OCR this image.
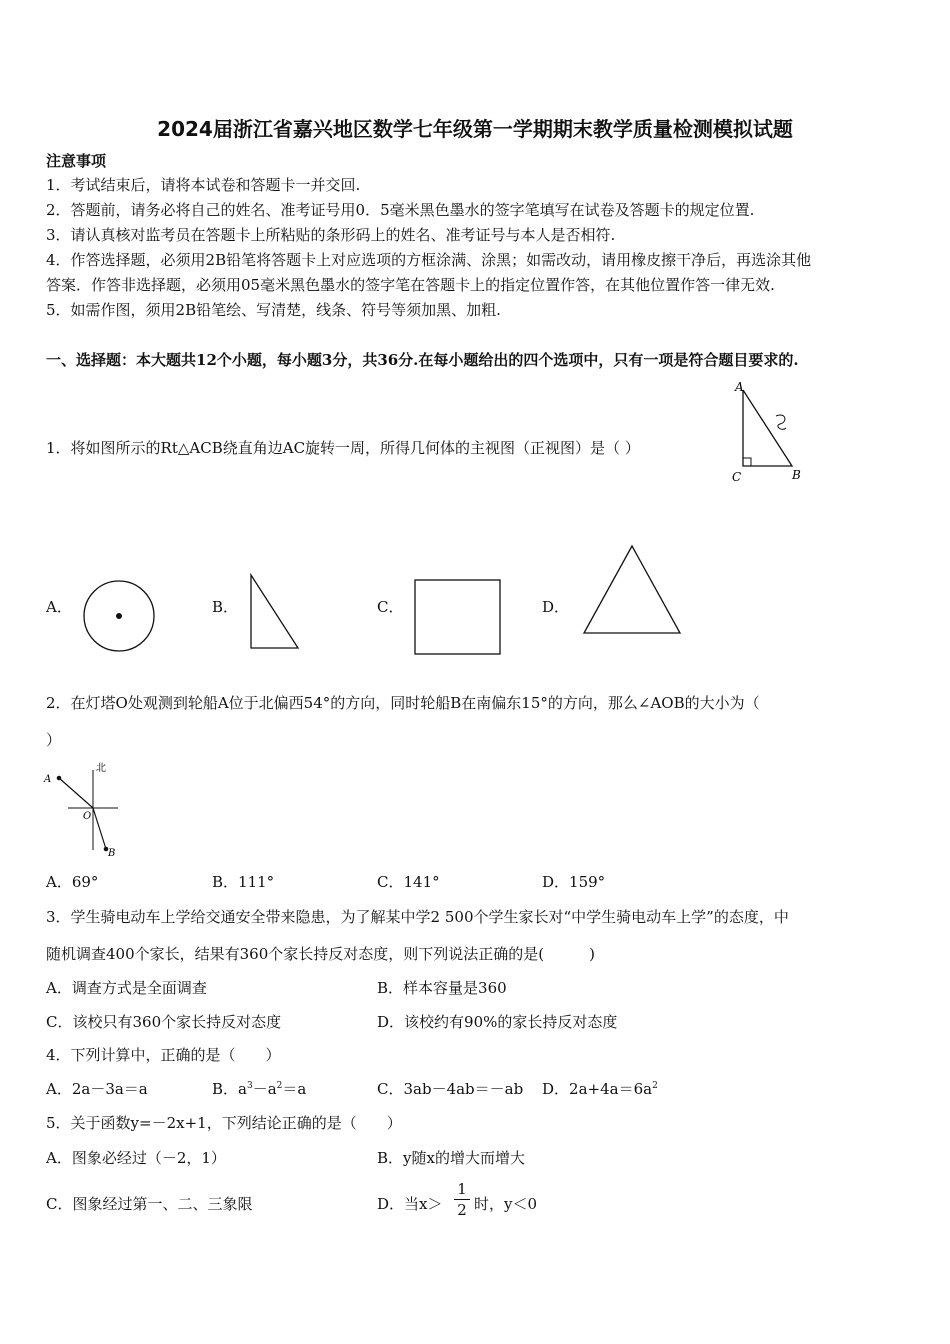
2024届浙江省嘉兴地区数学七年级第一学期期末教学质量检测模拟试题
注意事项
1．考试结束后，请将本试卷和答题卡一并交回.
2．答题前，请务必将自己的姓名、准考证号用0．5毫米黑色墨水的签字笔填写在试卷及答题卡的规定位置.
3．请认真核对监考员在答题卡上所粘贴的条形码上的姓名、准考证号与本人是否相符.
4．作答选择题，必须用2B铅笔将答题卡上对应选项的方框涂满、涂黑；如需改动，请用橡皮擦干净后，再选涂其他
答案．作答非选择题，必须用05毫米黑色墨水的签字笔在答题卡上的指定位置作答，在其他位置作答一律无效.
5．如需作图，须用2B铅笔绘、写清楚，线条、符号等须加黑、加粗.
一、选择题：本大题共12个小题，每小题3分，共36分.在每小题给出的四个选项中，只有一项是符合题目要求的.
1．将如图所示的Rt△ACB绕直角边AC旋转一周，所得几何体的主视图（正视图）是（ ）
A
C	B
A．	B．	C．	D．
2．在灯塔O处观测到轮船A位于北偏西54°的方向，同时轮船B在南偏东15°的方向，那么∠AOB的大小为（
）
北
A
O
B
A．69°	B．111°	C．141°	D．159°
3．学生骑电动车上学给交通安全带来隐患，为了解某中学2 500个学生家长对“中学生骑电动车上学”的态度，中
随机调查400个家长，结果有360个家长持反对态度，则下列说法正确的是(　　　)
A．调查方式是全面调查	B．样本容量是360
C．该校只有360个家长持反对态度	D．该校约有90%的家长持反对态度
4．下列计算中，正确的是（　　）
A．2a－3a＝a	B．$a^3-a^2=a$	C．3ab－4ab＝－ab D．$2a+4a=6a^2$
5．关于函数y=－2x+1，下列结论正确的是（　　）
A．图象必经过（－2，1）	B．y随x的增大而增大
C．图象经过第一、二、三象限	D．当x＞
1
2 时，y＜0
